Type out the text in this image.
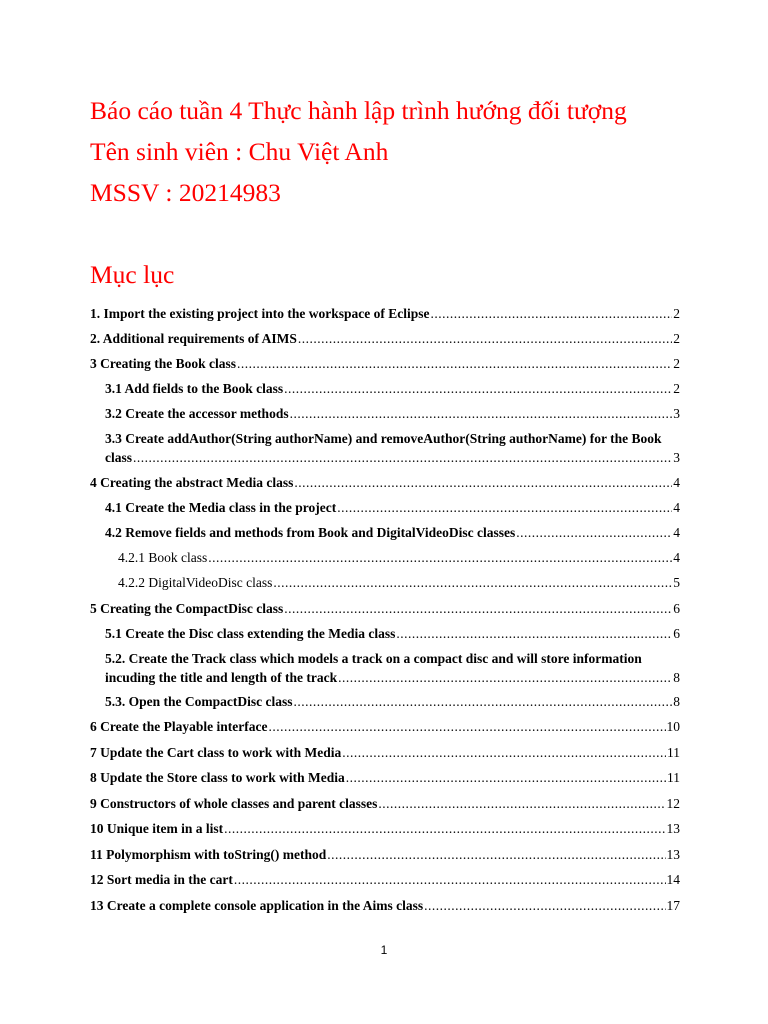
Báo cáo tuần 4 Thực hành lập trình hướng đối tượng
Tên sinh viên : Chu Việt Anh
MSSV : 20214983
Mục lục
1. Import the existing project into the workspace of Eclipse .....	2
2. Additional requirements of AIMS .....	2
3 Creating the Book class .....	2
3.1 Add fields to the Book class .....	2
3.2 Create the accessor methods .....	3
3.3 Create addAuthor(String authorName) and removeAuthor(String authorName) for the Book
class .....	3
4 Creating the abstract Media class .....	4
4.1 Create the Media class in the project .....	4
4.2 Remove fields and methods from Book and DigitalVideoDisc classes .....	4
4.2.1 Book class .....	4
4.2.2 DigitalVideoDisc class .....	5
5 Creating the CompactDisc class .....	6
5.1 Create the Disc class extending the Media class .....	6
5.2. Create the Track class which models a track on a compact disc and will store information
incuding the title and length of the track .....	8
5.3. Open the CompactDisc class .....	8
6 Create the Playable interface .....	10
7 Update the Cart class to work with Media .....	11
8 Update the Store class to work with Media .....	11
9 Constructors of whole classes and parent classes .....	12
10 Unique item in a list .....	13
11 Polymorphism with toString() method .....	13
12 Sort media in the cart .....	14
13 Create a complete console application in the Aims class .....	17
1
